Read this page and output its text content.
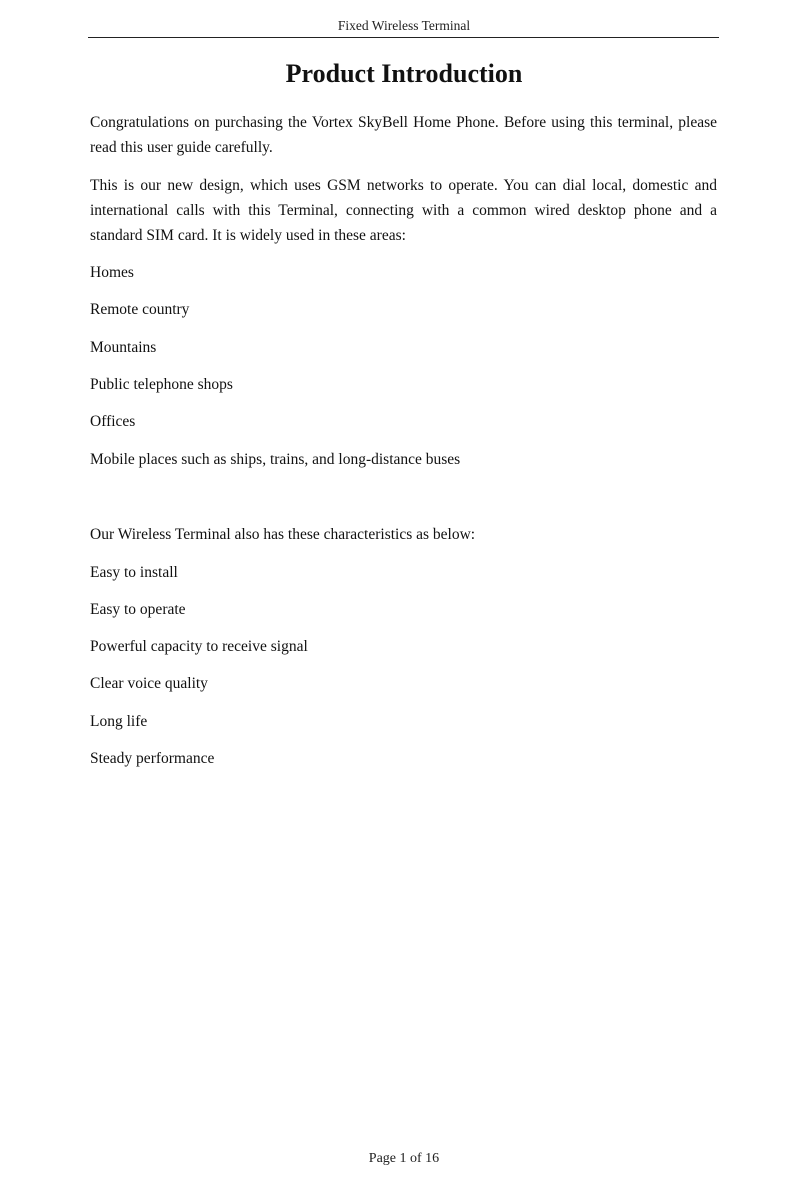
Fixed Wireless Terminal
Product Introduction

Congratulations on purchasing the Vortex SkyBell Home Phone. Before using this terminal, please read this user guide carefully.

This is our new design, which uses GSM networks to operate. You can dial local, domestic and international calls with this Terminal, connecting with a common wired desktop phone and a standard SIM card. It is widely used in these areas:

Homes

Remote country

Mountains

Public telephone shops

Offices

Mobile places such as ships, trains, and long-distance buses

Our Wireless Terminal also has these characteristics as below:

Easy to install

Easy to operate

Powerful capacity to receive signal

Clear voice quality

Long life

Steady performance

Page 1 of 16
